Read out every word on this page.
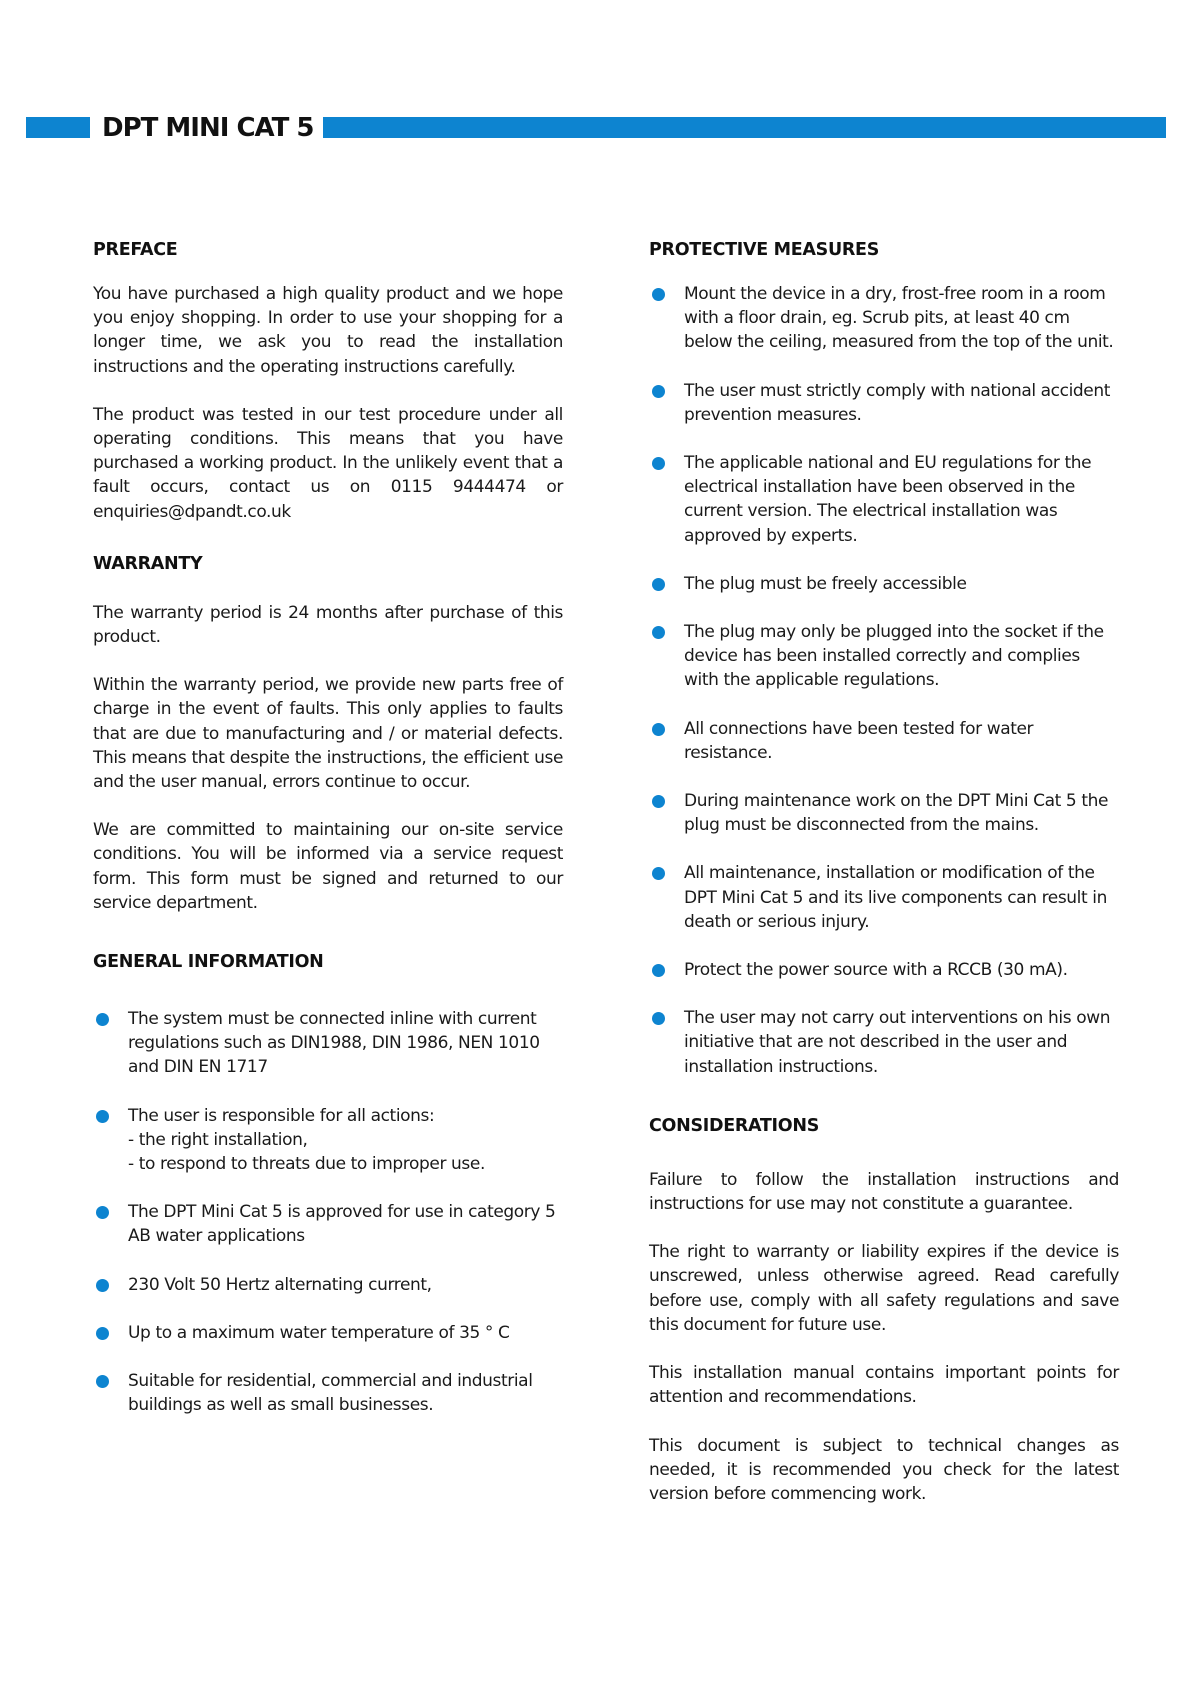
DPT MINI CAT 5
PREFACE

You have purchased a high quality product and we hope you enjoy shopping. In order to use your shopping for a longer time, we ask you to read the installation instructions and the operating instructions carefully.

The product was tested in our test procedure under all operating conditions. This means that you have purchased a working product. In the unlikely event that a fault occurs, contact us on 0115 9444474 or enquiries@dpandt.co.uk

WARRANTY

The warranty period is 24 months after purchase of this product.

Within the warranty period, we provide new parts free of charge in the event of faults. This only applies to faults that are due to manufacturing and / or material defects. This means that despite the instructions, the efficient use and the user manual, errors continue to occur.

We are committed to maintaining our on-site service conditions. You will be informed via a service request form. This form must be signed and returned to our service department.

GENERAL INFORMATION
The system must be connected inline with current regulations such as DIN1988, DIN 1986, NEN 1010 and DIN EN 1717
The user is responsible for all actions:
- the right installation,
- to respond to threats due to improper use.
The DPT Mini Cat 5 is approved for use in category 5 AB water applications
230 Volt 50 Hertz alternating current,
Up to a maximum water temperature of 35 ° C
Suitable for residential, commercial and industrial buildings as well as small businesses.
PROTECTIVE MEASURES
Mount the device in a dry, frost-free room in a room with a floor drain, eg. Scrub pits, at least 40 cm below the ceiling, measured from the top of the unit.
The user must strictly comply with national accident prevention measures.
The applicable national and EU regulations for the electrical installation have been observed in the current version. The electrical installation was approved by experts.
The plug must be freely accessible
The plug may only be plugged into the socket if the device has been installed correctly and complies with the applicable regulations.
All connections have been tested for water resistance.
During maintenance work on the DPT Mini Cat 5 the plug must be disconnected from the mains.
All maintenance, installation or modification of the DPT Mini Cat 5 and its live components can result in death or serious injury.
Protect the power source with a RCCB (30 mA).
The user may not carry out interventions on his own initiative that are not described in the user and installation instructions.
CONSIDERATIONS

Failure to follow the installation instructions and instructions for use may not constitute a guarantee.

The right to warranty or liability expires if the device is unscrewed, unless otherwise agreed. Read carefully before use, comply with all safety regulations and save this document for future use.

This installation manual contains important points for attention and recommendations.

This document is subject to technical changes as needed, it is recommended you check for the latest version before commencing work.
